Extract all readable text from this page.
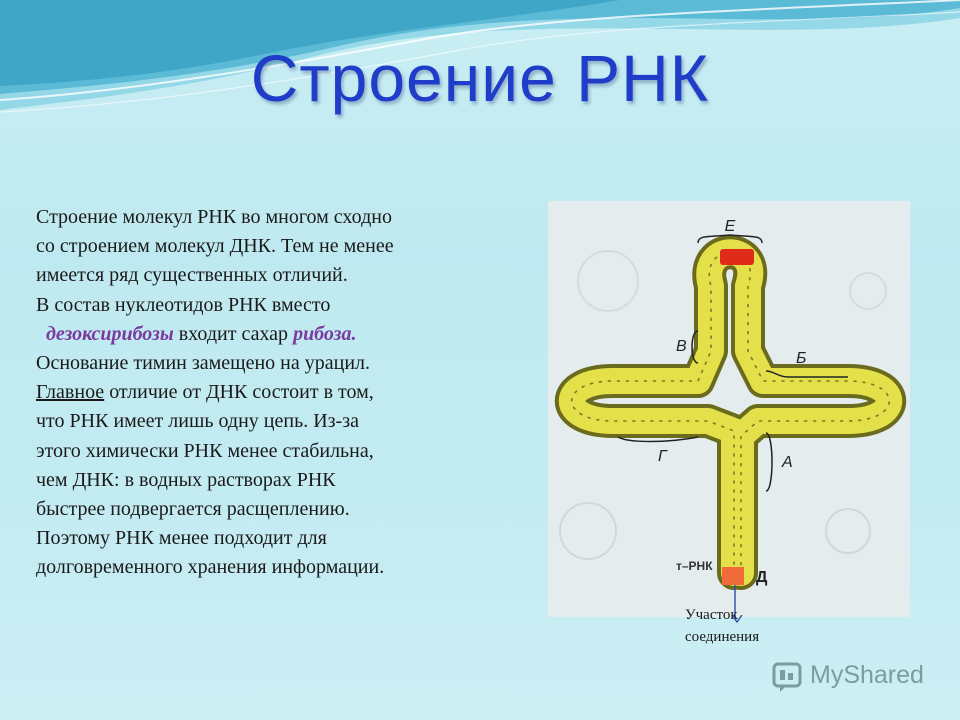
Строение РНК

Строение молекул РНК во многом сходно

со строением молекул ДНК. Тем не менее

имеется ряд существенных отличий.

В состав нуклеотидов РНК вместо

дезоксирибозы входит сахар рибоза.

Основание тимин замещено на урацил.

Главное отличие от ДНК состоит в том,

что РНК имеет лишь одну цепь. Из-за

этого химически РНК менее стабильна,

чем ДНК: в водных растворах РНК

быстрее подвергается расщеплению.

Поэтому РНК менее подходит для

долговременного хранения информации.

Е
Б
В
Г	А
Д
т–РНК

Участок

соединения

MyShared
